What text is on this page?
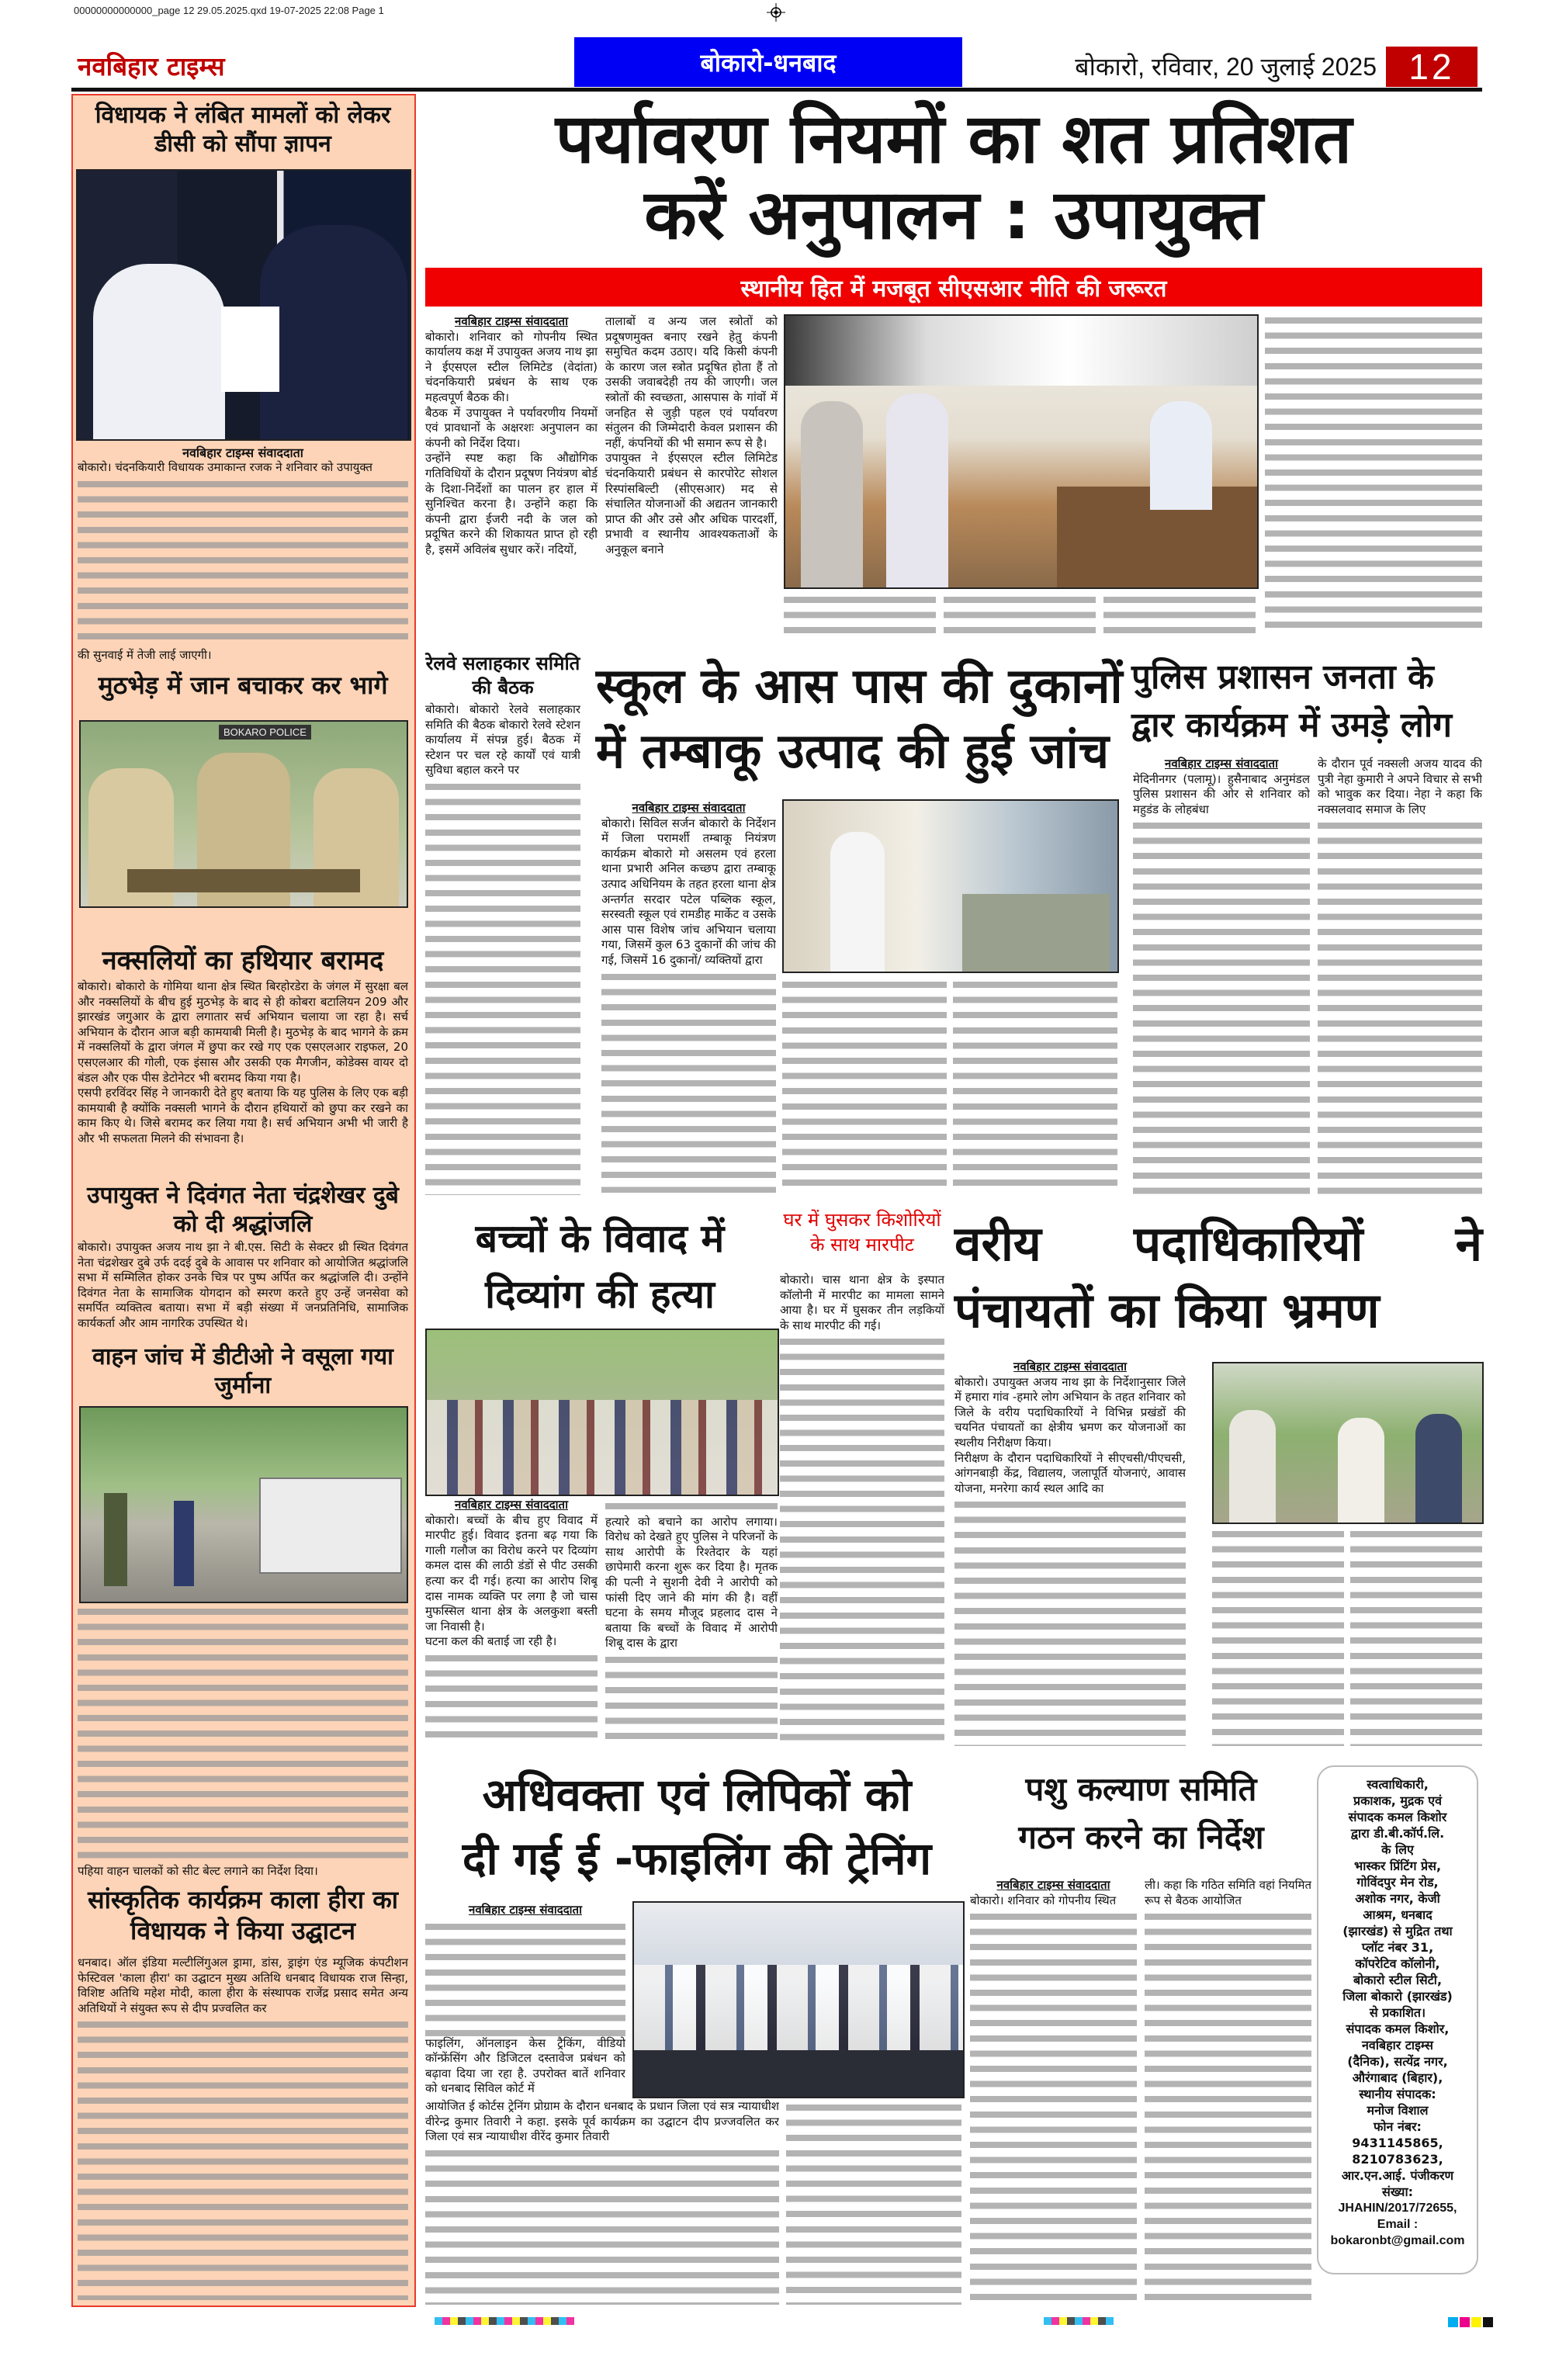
00000000000000_page 12 29.05.2025.qxd 19-07-2025 22:08 Page 1
नवबिहार टाइम्स	बोकारो-धनबाद	बोकारो, रविवार, 20 जुलाई 2025 12
विधायक ने लंबित मामलों को लेकर डीसी को सौंपा ज्ञापन
नवबिहार टाइम्स संवाददाता

बोकारो। चंदनकियारी विधायक उमाकान्त रजक ने शनिवार को उपायुक्त

की सुनवाई में तेजी लाई जाएगी।

मुठभेड़ में जान बचाकर कर भागे
BOKARO POLICE
नक्सलियों का हथियार बरामद

बोकारो। बोकारो के गोमिया थाना क्षेत्र स्थित बिरहोरडेरा के जंगल में सुरक्षा बल और नक्सलियों के बीच हुई मुठभेड़ के बाद से ही कोबरा बटालियन 209 और झारखंड जगुआर के द्वारा लगातार सर्च अभियान चलाया जा रहा है। सर्च अभियान के दौरान आज बड़ी कामयाबी मिली है। मुठभेड़ के बाद भागने के क्रम में नक्सलियों के द्वारा जंगल में छुपा कर रखे गए एक एसएलआर राइफल, 20 एसएलआर की गोली, एक इंसास और उसकी एक मैगजीन, कोडेक्स वायर दो बंडल और एक पीस डेटोनेटर भी बरामद किया गया है।

एसपी हरविंदर सिंह ने जानकारी देते हुए बताया कि यह पुलिस के लिए एक बड़ी कामयाबी है क्योंकि नक्सली भागने के दौरान हथियारों को छुपा कर रखने का काम किए थे। जिसे बरामद कर लिया गया है। सर्च अभियान अभी भी जारी है और भी सफलता मिलने की संभावना है।

उपायुक्त ने दिवंगत नेता चंद्रशेखर दुबे को दी श्रद्धांजलि

बोकारो। उपायुक्त अजय नाथ झा ने बी.एस. सिटी के सेक्टर थ्री स्थित दिवंगत नेता चंद्रशेखर दुबे उर्फ ददई दुबे के आवास पर शनिवार को आयोजित श्रद्धांजलि सभा में सम्मिलित होकर उनके चित्र पर पुष्प अर्पित कर श्रद्धांजलि दी। उन्होंने दिवंगत नेता के सामाजिक योगदान को स्मरण करते हुए उन्हें जनसेवा को समर्पित व्यक्तित्व बताया। सभा में बड़ी संख्या में जनप्रतिनिधि, सामाजिक कार्यकर्ता और आम नागरिक उपस्थित थे।

वाहन जांच में डीटीओ ने वसूला गया जुर्माना

पहिया वाहन चालकों को सीट बेल्ट लगाने का निर्देश दिया।

सांस्कृतिक कार्यक्रम काला हीरा का विधायक ने किया उद्घाटन

धनबाद। ऑल इंडिया मल्टीलिंगुअल ड्रामा, डांस, ड्राइंग एंड म्यूजिक कंपटीशन फेस्टिवल 'काला हीरा' का उद्घाटन मुख्य अतिथि धनबाद विधायक राज सिन्हा, विशिष्ट अतिथि महेश मोदी, काला हीरा के संस्थापक राजेंद्र प्रसाद समेत अन्य अतिथियों ने संयुक्त रूप से दीप प्रज्वलित कर

पर्यावरण नियमों का शत प्रतिशत
करें अनुपालन : उपायुक्त
स्थानीय हित में मजबूत सीएसआर नीति की जरूरत
नवबिहार टाइम्स संवाददाता

बोकारो। शनिवार को गोपनीय स्थित कार्यालय कक्ष में उपायुक्त अजय नाथ झा ने ईएसएल स्टील लिमिटेड (वेदांता) चंदनकियारी प्रबंधन के साथ एक महत्वपूर्ण बैठक की।

बैठक में उपायुक्त ने पर्यावरणीय नियमों एवं प्रावधानों के अक्षरशः अनुपालन का कंपनी को निर्देश दिया।

उन्होंने स्पष्ट कहा कि औद्योगिक गतिविधियों के दौरान प्रदूषण नियंत्रण बोर्ड के दिशा-निर्देशों का पालन हर हाल में सुनिश्चित करना है। उन्होंने कहा कि कंपनी द्वारा ईजरी नदी के जल को प्रदूषित करने की शिकायत प्राप्त हो रही है, इसमें अविलंब सुधार करें। नदियों,

तालाबों व अन्य जल स्त्रोतों को प्रदूषणमुक्त बनाए रखने हेतु कंपनी समुचित कदम उठाए। यदि किसी कंपनी के कारण जल स्त्रोत प्रदूषित होता हैं तो उसकी जवाबदेही तय की जाएगी। जल स्त्रोतों की स्वच्छता, आसपास के गांवों में जनहित से जुड़ी पहल एवं पर्यावरण संतुलन की जिम्मेदारी केवल प्रशासन की नहीं, कंपनियों की भी समान रूप से है।

उपायुक्त ने ईएसएल स्टील लिमिटेड चंदनकियारी प्रबंधन से कारपोरेट सोशल रिस्पांसबिल्टी (सीएसआर) मद से संचालित योजनाओं की अद्यतन जानकारी प्राप्त की और उसे और अधिक पारदर्शी, प्रभावी व स्थानीय आवश्यकताओं के अनुकूल बनाने

रेलवे सलाहकार समिति की बैठक

बोकारो। बोकारो रेलवे सलाहकार समिति की बैठक बोकारो रेलवे स्टेशन कार्यालय में संपन्न हुई। बैठक में स्टेशन पर चल रहे कार्यों एवं यात्री सुविधा बहाल करने पर

स्कूल के आस पास की दुकानों
में तम्बाकू उत्पाद की हुई जांच
नवबिहार टाइम्स संवाददाता

बोकारो। सिविल सर्जन बोकारो के निर्देशन में जिला परामर्शी तम्बाकू नियंत्रण कार्यक्रम बोकारो मो असलम एवं हरला थाना प्रभारी अनिल कच्छप द्वारा तम्बाकू उत्पाद अधिनियम के तहत हरला थाना क्षेत्र अन्तर्गत सरदार पटेल पब्लिक स्कूल, सरस्वती स्कूल एवं रामडीह मार्केट व उसके आस पास विशेष जांच अभियान चलाया गया, जिसमें कुल 63 दुकानों की जांच की गई, जिसमें 16 दुकानों/ व्यक्तियों द्वारा

पुलिस प्रशासन जनता के
द्वार कार्यक्रम में उमड़े लोग
नवबिहार टाइम्स संवाददाता

मेदिनीनगर (पलामू)। हुसैनाबाद अनुमंडल पुलिस प्रशासन की ओर से शनिवार को महुडंड के लोहबंधा

के दौरान पूर्व नक्सली अजय यादव की पुत्री नेहा कुमारी ने अपने विचार से सभी को भावुक कर दिया। नेहा ने कहा कि नक्सलवाद समाज के लिए

बच्चों के विवाद में
दिव्यांग की हत्या
नवबिहार टाइम्स संवाददाता

बोकारो। बच्चों के बीच हुए विवाद में मारपीट हुई। विवाद इतना बढ़ गया कि गाली गलौज का विरोध करने पर दिव्यांग कमल दास की लाठी डंडों से पीट उसकी हत्या कर दी गई। हत्या का आरोप शिबू दास नामक व्यक्ति पर लगा है जो चास मुफस्सिल थाना क्षेत्र के अलकुशा बस्ती जा निवासी है।

घटना कल की बताई जा रही है।

हत्यारे को बचाने का आरोप लगाया। विरोध को देखते हुए पुलिस ने परिजनों के साथ आरोपी के रिश्तेदार के यहां छापेमारी करना शुरू कर दिया है। मृतक की पत्नी ने सुशनी देवी ने आरोपी को फांसी दिए जाने की मांग की है। वहीं घटना के समय मौजूद प्रहलाद दास ने बताया कि बच्चों के विवाद में आरोपी शिबू दास के द्वारा

घर में घुसकर किशोरियों के साथ मारपीट

बोकारो। चास थाना क्षेत्र के इस्पात कॉलोनी में मारपीट का मामला सामने आया है। घर में घुसकर तीन लड़कियों के साथ मारपीट की गई।

वरीय पदाधिकारियों ने
पंचायतों का किया भ्रमण
नवबिहार टाइम्स संवाददाता

बोकारो। उपायुक्त अजय नाथ झा के निर्देशानुसार जिले में हमारा गांव -हमारे लोग अभियान के तहत शनिवार को जिले के वरीय पदाधिकारियों ने विभिन्न प्रखंडों की चयनित पंचायतों का क्षेत्रीय भ्रमण कर योजनाओं का स्थलीय निरीक्षण किया।

निरीक्षण के दौरान पदाधिकारियों ने सीएचसी/पीएचसी, आंगनबाड़ी केंद्र, विद्यालय, जलापूर्ति योजनाएं, आवास योजना, मनरेगा कार्य स्थल आदि का

अधिवक्ता एवं लिपिकों को
दी गई ई -फाइलिंग की ट्रेनिंग
नवबिहार टाइम्स संवाददाता

फाइलिंग, ऑनलाइन केस ट्रैकिंग, वीडियो कॉन्फ्रेंसिंग और डिजिटल दस्तावेज प्रबंधन को बढ़ावा दिया जा रहा है. उपरोक्त बातें शनिवार को धनबाद सिविल कोर्ट में

आयोजित ई कोर्टस ट्रेनिंग प्रोग्राम के दौरान धनबाद के प्रधान जिला एवं सत्र न्यायाधीश वीरेन्द्र कुमार तिवारी ने कहा. इसके पूर्व कार्यक्रम का उद्घाटन दीप प्रज्जवलित कर जिला एवं सत्र न्यायाधीश वीरेंद कुमार तिवारी

पशु कल्याण समिति
गठन करने का निर्देश
नवबिहार टाइम्स संवाददाता

बोकारो। शनिवार को गोपनीय स्थित

ली। कहा कि गठित समिति वहां नियमित रूप से बैठक आयोजित

स्वत्वाधिकारी,
प्रकाशक, मुद्रक एवं
संपादक कमल किशोर
द्वारा डी.बी.कॉर्प.लि.
के लिए
भास्कर प्रिंटिंग प्रेस,
गोविंदपुर मेन रोड,
अशोक नगर, केजी
आश्रम, धनबाद
(झारखंड) से मुद्रित तथा
प्लॉट नंबर 31,
कॉपरेटिव कॉलोनी,
बोकारो स्टील सिटी,
जिला बोकारो (झारखंड)
से प्रकाशित।
संपादक कमल किशोर,
नवबिहार टाइम्स
(दैनिक), सत्येंद्र नगर,
औरंगाबाद (बिहार),
स्थानीय संपादक:
मनोज विशाल
फोन नंबर:
9431145865,
8210783623,
आर.एन.आई. पंजीकरण
संख्या:
JHAHIN/2017/72655,
Email :
bokaronbt@gmail.com
